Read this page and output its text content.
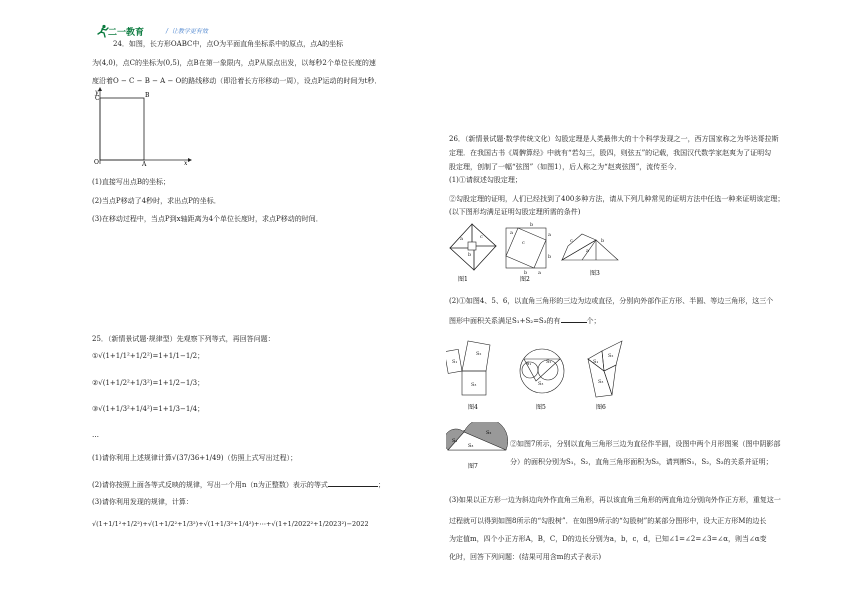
二一教育	/ 让教学更有效
24．如图，长方形OABC中，点O为平面直角坐标系中的原点，点A的坐标
为(4,0)，点C的坐标为(0,5)，点B在第一象限内，点P从原点出发，以每秒2个单位长度的速
度沿着O − C − B − A − O的路线移动（即沿着长方形移动一周），设点P运动的时间为t秒．
C	B
O	A	x
y
(1)直接写出点B的坐标；
(2)当点P移动了4秒时，求出点P的坐标．
(3)在移动过程中，当点P到x轴距离为4个单位长度时，求点P移动的时间．
25．（新情景试题·规律型）先观察下列等式，再回答问题：
①√(1+1/1²+1/2²)=1+1/1−1/2；
②√(1+1/2²+1/3²)=1+1/2−1/3；
③√(1+1/3²+1/4²)=1+1/3−1/4；
…
(1)请你利用上述规律计算√(37/36+1/49)（仿照上式写出过程）；
(2)请你按照上面各等式反映的规律，写出一个用n（n为正整数）表示的等式	；
(3)请你利用发现的规律，计算：
√(1+1/1²+1/2²)+√(1+1/2²+1/3²)+√(1+1/3²+1/4²)+⋯+√(1+1/2022²+1/2023²)−2022
26．（新情景试题·数学传统文化）勾股定理是人类最伟大的十个科学发现之一，西方国家称之为毕达哥拉斯
定理．在我国古书《周髀算经》中就有“若勾三，股四，则弦五”的记载，我国汉代数学家赵爽为了证明勾
股定理，创制了一幅“弦图”（如图1），后人称之为“赵爽弦图”，流传至今．
(1)①请叙述勾股定理；
②勾股定理的证明，人们已经找到了400多种方法，请从下列几种常见的证明方法中任选一种来证明该定理；
(以下图形均满足证明勾股定理所需的条件)
a	c
b
图1
a
b
a
b
c
b a
图2
c	b
a
图3
(2)①如图4、5、6，以直角三角形的三边为边或直径，分别向外部作正方形、半圆、等边三角形，这三个
图形中面积关系满足S₁+S₂=S₃的有	个；
S₁
S₂
S₃
图4
S₁	S₂
S₃
图5
S₁
S₂
S₃
图6
S₁
S₂
S₃
图7
②如图7所示，分别以直角三角形三边为直径作半圆，设图中两个月形图案（图中阴影部
分）的面积分别为S₁，S₂，直角三角形面积为S₃，请判断S₁，S₂，S₃的关系并证明；
(3)如果以正方形一边为斜边向外作直角三角形，再以该直角三角形的两直角边分别向外作正方形，重复这一
过程就可以得到如图8所示的“勾股树”．在如图9所示的“勾股树”的某部分图形中，设大正方形M的边长
为定值m，四个小正方形A，B，C，D的边长分别为a，b，c，d，已知∠1=∠2=∠3=∠α，则当∠α变
化时，回答下列问题：(结果可用含m的式子表示)
